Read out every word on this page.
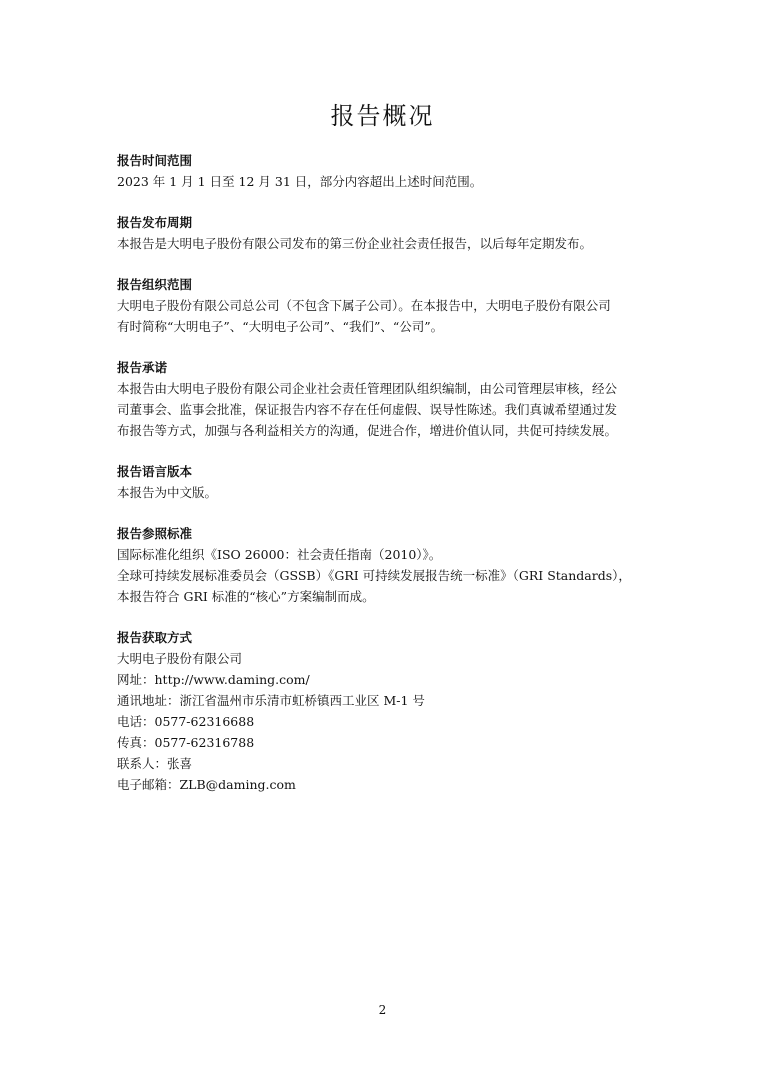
报告概况
报告时间范围
2023 年 1 月 1 日至 12 月 31 日，部分内容超出上述时间范围。
报告发布周期
本报告是大明电子股份有限公司发布的第三份企业社会责任报告，以后每年定期发布。
报告组织范围
大明电子股份有限公司总公司（不包含下属子公司）。在本报告中，大明电子股份有限公司
有时简称“大明电子”、“大明电子公司”、“我们”、“公司”。
报告承诺
本报告由大明电子股份有限公司企业社会责任管理团队组织编制，由公司管理层审核，经公
司董事会、监事会批准，保证报告内容不存在任何虚假、误导性陈述。我们真诚希望通过发
布报告等方式，加强与各利益相关方的沟通，促进合作，增进价值认同，共促可持续发展。
报告语言版本
本报告为中文版。
报告参照标准
国际标准化组织《ISO 26000：社会责任指南（2010）》。
全球可持续发展标准委员会（GSSB）《GRI 可持续发展报告统一标准》（GRI Standards），
本报告符合 GRI 标准的“核心”方案编制而成。
报告获取方式
大明电子股份有限公司
网址：http://www.daming.com/
通讯地址：浙江省温州市乐清市虹桥镇西工业区 M-1 号
电话：0577-62316688
传真：0577-62316788
联系人：张喜
电子邮箱：ZLB@daming.com
2
